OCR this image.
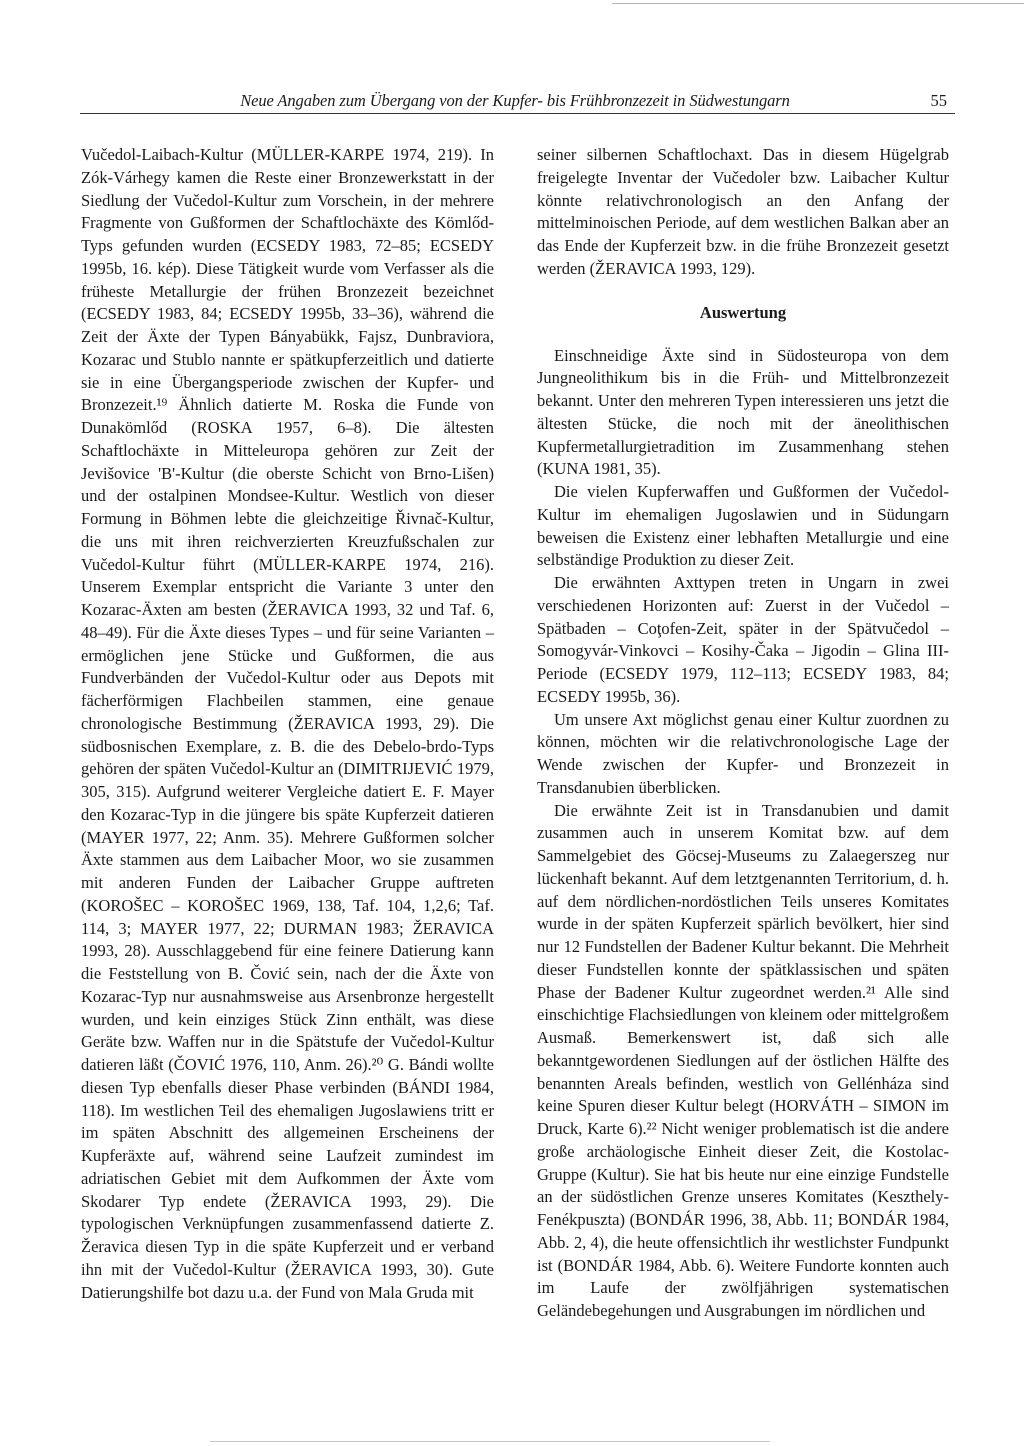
Neue Angaben zum Übergang von der Kupfer- bis Frühbronzezeit in Südwestungarn	55

Vučedol-Laibach-Kultur (MÜLLER-KARPE 1974, 219). In Zók-Várhegy kamen die Reste einer Bronzewerkstatt in der Siedlung der Vučedol-Kultur zum Vorschein, in der mehrere Fragmente von Gußformen der Schaftlochäxte des Kömlőd-Typs gefunden wurden (ECSEDY 1983, 72–85; ECSEDY 1995b, 16. kép). Diese Tätigkeit wurde vom Verfasser als die früheste Metallurgie der frühen Bronzezeit bezeichnet (ECSEDY 1983, 84; ECSEDY 1995b, 33–36), während die Zeit der Äxte der Typen Bányabükk, Fajsz, Dunbraviora, Kozarac und Stublo nannte er spätkupferzeitlich und datierte sie in eine Übergangsperiode zwischen der Kupfer- und Bronzezeit.¹⁹ Ähnlich datierte M. Roska die Funde von Dunakömlőd (ROSKA 1957, 6–8). Die ältesten Schaftlochäxte in Mitteleuropa gehören zur Zeit der Jevišovice 'B'-Kultur (die oberste Schicht von Brno-Lišen) und der ostalpinen Mondsee-Kultur. Westlich von dieser Formung in Böhmen lebte die gleichzeitige Řivnač-Kultur, die uns mit ihren reichverzierten Kreuzfußschalen zur Vučedol-Kultur führt (MÜLLER-KARPE 1974, 216). Unserem Exemplar entspricht die Variante 3 unter den Kozarac-Äxten am besten (ŽERAVICA 1993, 32 und Taf. 6, 48–49). Für die Äxte dieses Types – und für seine Varianten – ermöglichen jene Stücke und Gußformen, die aus Fundverbänden der Vučedol-Kultur oder aus Depots mit fächerförmigen Flachbeilen stammen, eine genaue chronologische Bestimmung (ŽERAVICA 1993, 29). Die südbosnischen Exemplare, z. B. die des Debelo-brdo-Typs gehören der späten Vučedol-Kultur an (DIMITRIJEVIĆ 1979, 305, 315). Aufgrund weiterer Vergleiche datiert E. F. Mayer den Kozarac-Typ in die jüngere bis späte Kupferzeit datieren (MAYER 1977, 22; Anm. 35). Mehrere Gußformen solcher Äxte stammen aus dem Laibacher Moor, wo sie zusammen mit anderen Funden der Laibacher Gruppe auftreten (KOROŠEC – KOROŠEC 1969, 138, Taf. 104, 1,2,6; Taf. 114, 3; MAYER 1977, 22; DURMAN 1983; ŽERAVICA 1993, 28). Ausschlaggebend für eine feinere Datierung kann die Feststellung von B. Čović sein, nach der die Äxte von Kozarac-Typ nur ausnahmsweise aus Arsenbronze hergestellt wurden, und kein einziges Stück Zinn enthält, was diese Geräte bzw. Waffen nur in die Spätstufe der Vučedol-Kultur datieren läßt (ČOVIĆ 1976, 110, Anm. 26).²⁰ G. Bándi wollte diesen Typ ebenfalls dieser Phase verbinden (BÁNDI 1984, 118). Im westlichen Teil des ehemaligen Jugoslawiens tritt er im späten Abschnitt des allgemeinen Erscheinens der Kupferäxte auf, während seine Laufzeit zumindest im adriatischen Gebiet mit dem Aufkommen der Äxte vom Skodarer Typ endete (ŽERAVICA 1993, 29). Die typologischen Verknüpfungen zusammenfassend datierte Z. Žeravica diesen Typ in die späte Kupferzeit und er verband ihn mit der Vučedol-Kultur (ŽERAVICA 1993, 30). Gute Datierungshilfe bot dazu u.a. der Fund von Mala Gruda mit

seiner silbernen Schaftlochaxt. Das in diesem Hügelgrab freigelegte Inventar der Vučedoler bzw. Laibacher Kultur könnte relativchronologisch an den Anfang der mittelminoischen Periode, auf dem westlichen Balkan aber an das Ende der Kupferzeit bzw. in die frühe Bronzezeit gesetzt werden (ŽERAVICA 1993, 129).

Auswertung

Einschneidige Äxte sind in Südosteuropa von dem Jungneolithikum bis in die Früh- und Mittelbronzezeit bekannt. Unter den mehreren Typen interessieren uns jetzt die ältesten Stücke, die noch mit der äneolithischen Kupfermetallurgietradition im Zusammenhang stehen (KUNA 1981, 35).

Die vielen Kupferwaffen und Gußformen der Vučedol-Kultur im ehemaligen Jugoslawien und in Südungarn beweisen die Existenz einer lebhaften Metallurgie und eine selbständige Produktion zu dieser Zeit.

Die erwähnten Axttypen treten in Ungarn in zwei verschiedenen Horizonten auf: Zuerst in der Vučedol – Spätbaden – Coţofen-Zeit, später in der Spätvučedol – Somogyvár-Vinkovci – Kosihy-Čaka – Jigodin – Glina III-Periode (ECSEDY 1979, 112–113; ECSEDY 1983, 84; ECSEDY 1995b, 36).

Um unsere Axt möglichst genau einer Kultur zuordnen zu können, möchten wir die relativchronologische Lage der Wende zwischen der Kupfer- und Bronzezeit in Transdanubien überblicken.

Die erwähnte Zeit ist in Transdanubien und damit zusammen auch in unserem Komitat bzw. auf dem Sammelgebiet des Göcsej-Museums zu Zalaegerszeg nur lückenhaft bekannt. Auf dem letztgenannten Territorium, d. h. auf dem nördlichen-nordöstlichen Teils unseres Komitates wurde in der späten Kupferzeit spärlich bevölkert, hier sind nur 12 Fundstellen der Badener Kultur bekannt. Die Mehrheit dieser Fundstellen konnte der spätklassischen und späten Phase der Badener Kultur zugeordnet werden.²¹ Alle sind einschichtige Flachsiedlungen von kleinem oder mittelgroßem Ausmaß. Bemerkenswert ist, daß sich alle bekanntgewordenen Siedlungen auf der östlichen Hälfte des benannten Areals befinden, westlich von Gellénháza sind keine Spuren dieser Kultur belegt (HORVÁTH – SIMON im Druck, Karte 6).²² Nicht weniger problematisch ist die andere große archäologische Einheit dieser Zeit, die Kostolac-Gruppe (Kultur). Sie hat bis heute nur eine einzige Fundstelle an der südöstlichen Grenze unseres Komitates (Keszthely-Fenékpuszta) (BONDÁR 1996, 38, Abb. 11; BONDÁR 1984, Abb. 2, 4), die heute offensichtlich ihr westlichster Fundpunkt ist (BONDÁR 1984, Abb. 6). Weitere Fundorte konnten auch im Laufe der zwölfjährigen systematischen Geländebegehungen und Ausgrabungen im nördlichen und
